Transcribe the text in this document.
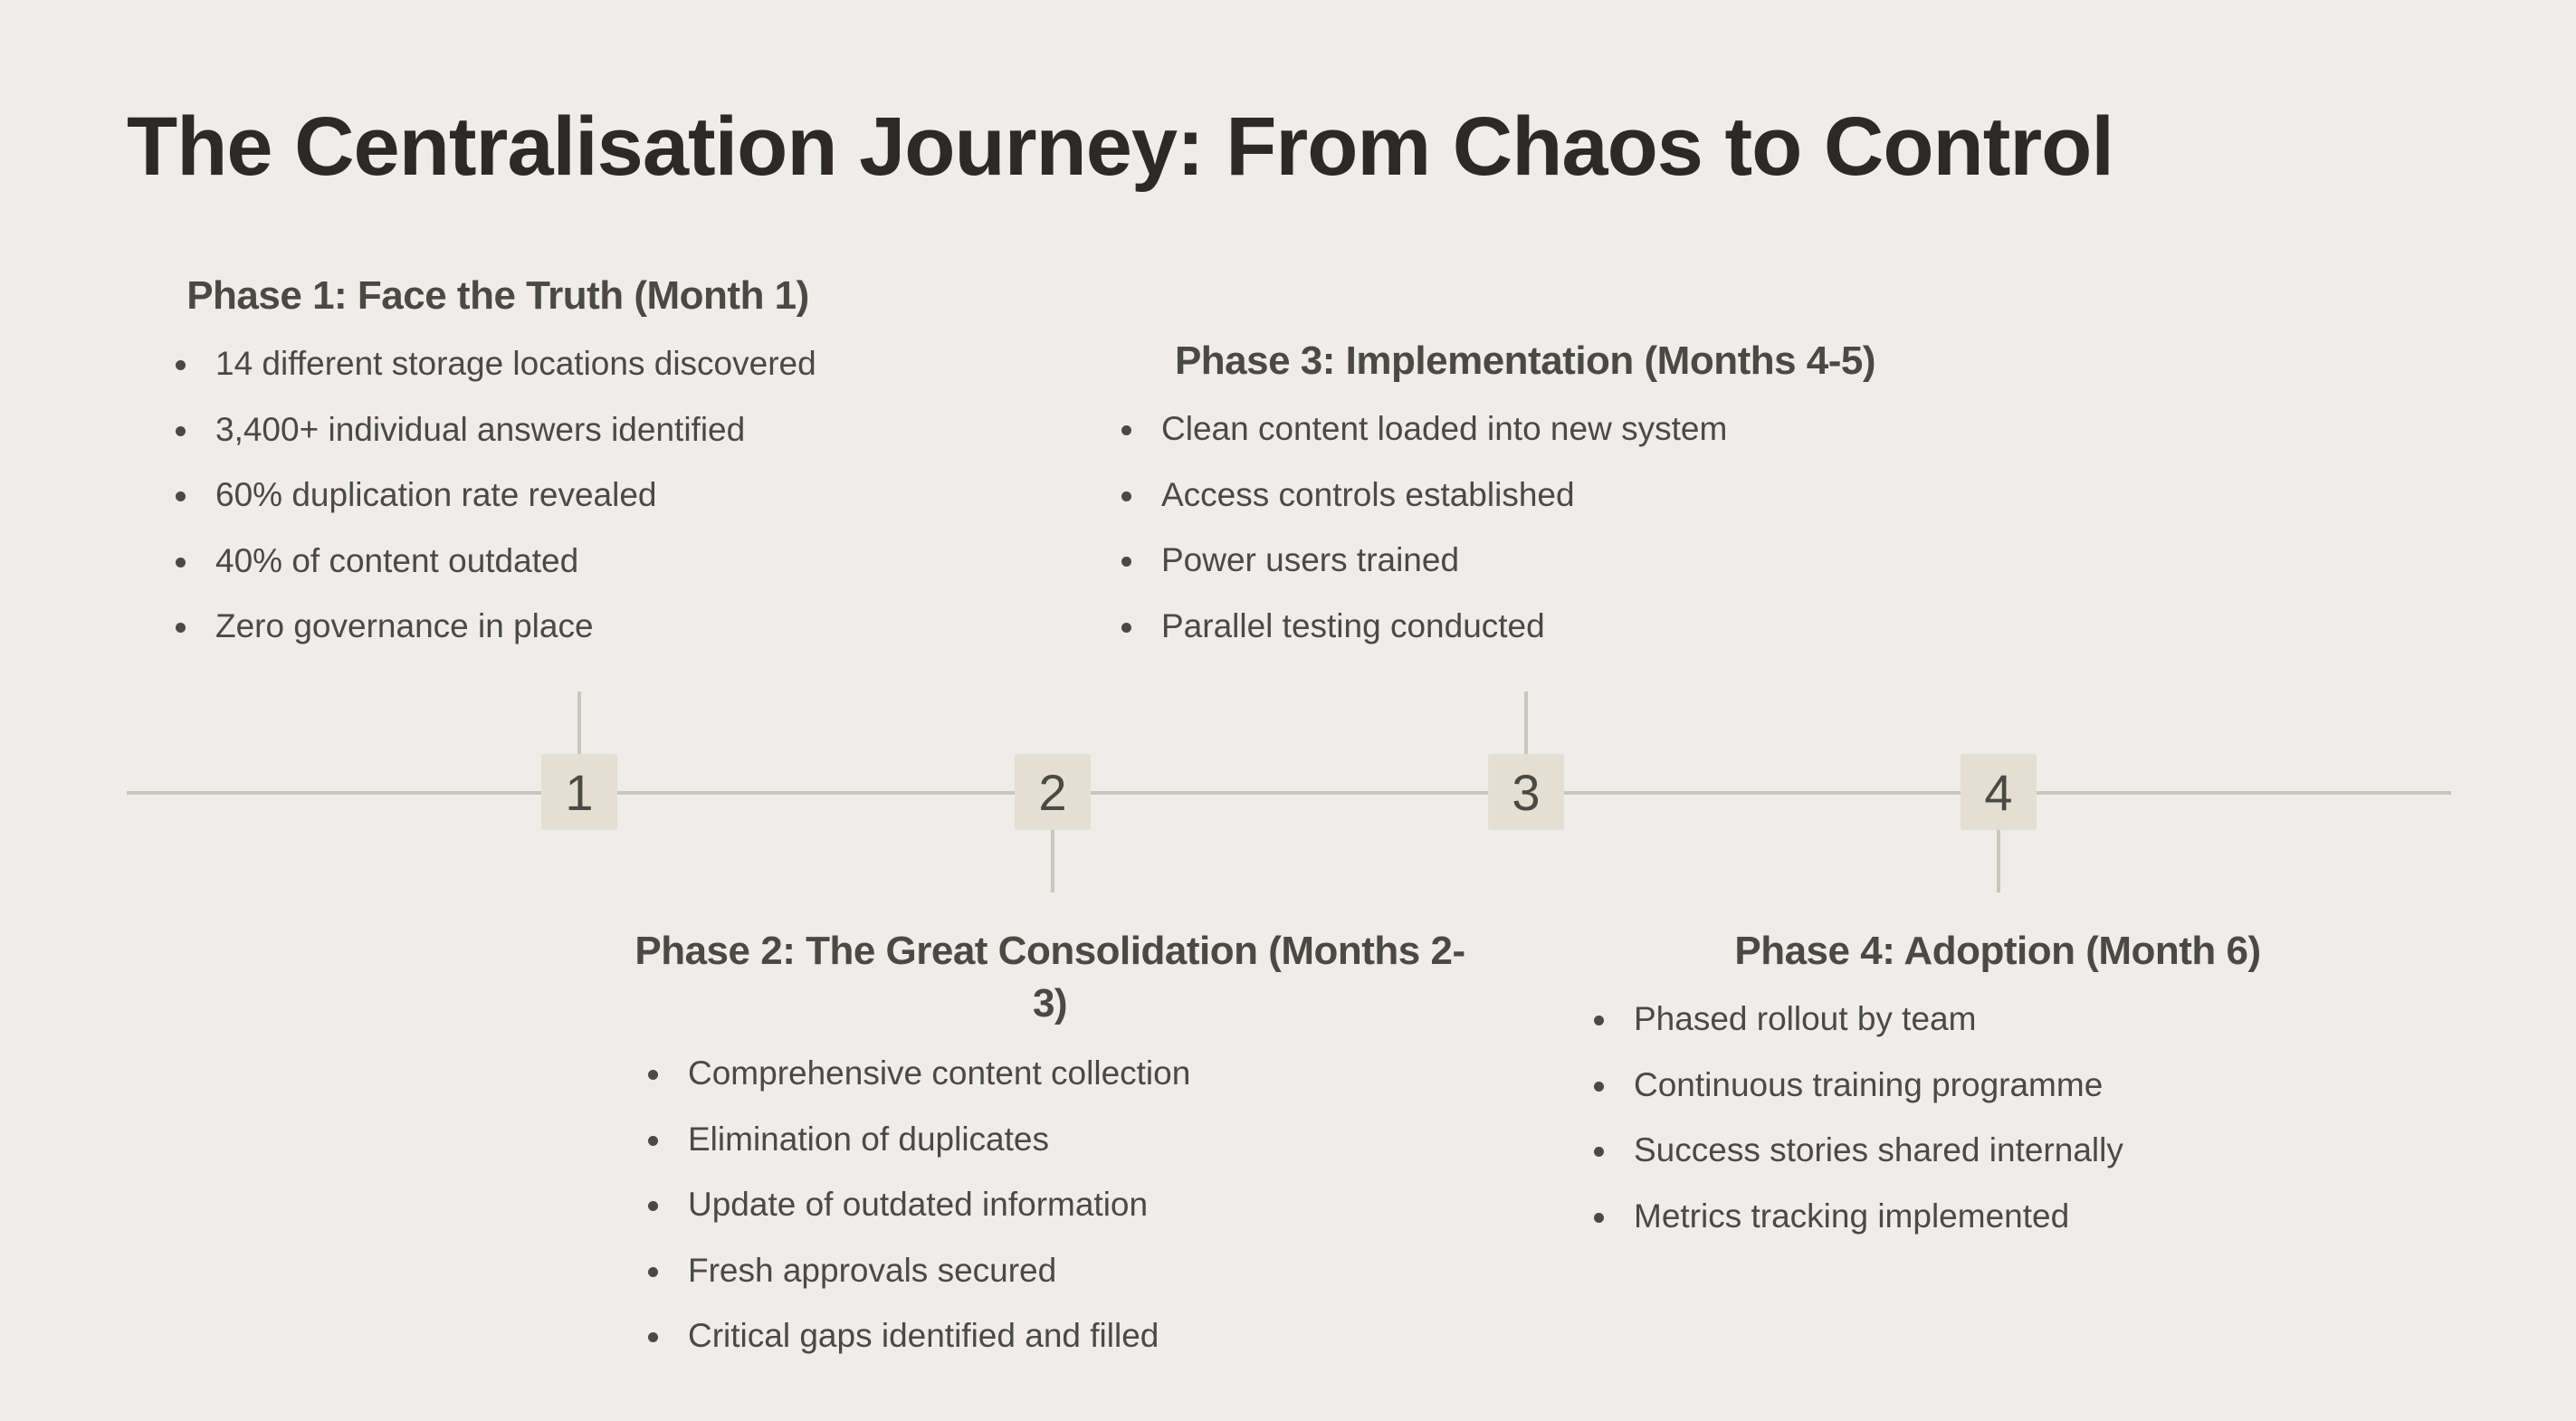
The Centralisation Journey: From Chaos to Control
1	2	3	4
Phase 1: Face the Truth (Month 1)
14 different storage locations discovered
3,400+ individual answers identified
60% duplication rate revealed
40% of content outdated
Zero governance in place
Phase 2: The Great Consolidation (Months 2-3)
Comprehensive content collection
Elimination of duplicates
Update of outdated information
Fresh approvals secured
Critical gaps identified and filled
Phase 3: Implementation (Months 4-5)
Clean content loaded into new system
Access controls established
Power users trained
Parallel testing conducted
Phase 4: Adoption (Month 6)
Phased rollout by team
Continuous training programme
Success stories shared internally
Metrics tracking implemented
